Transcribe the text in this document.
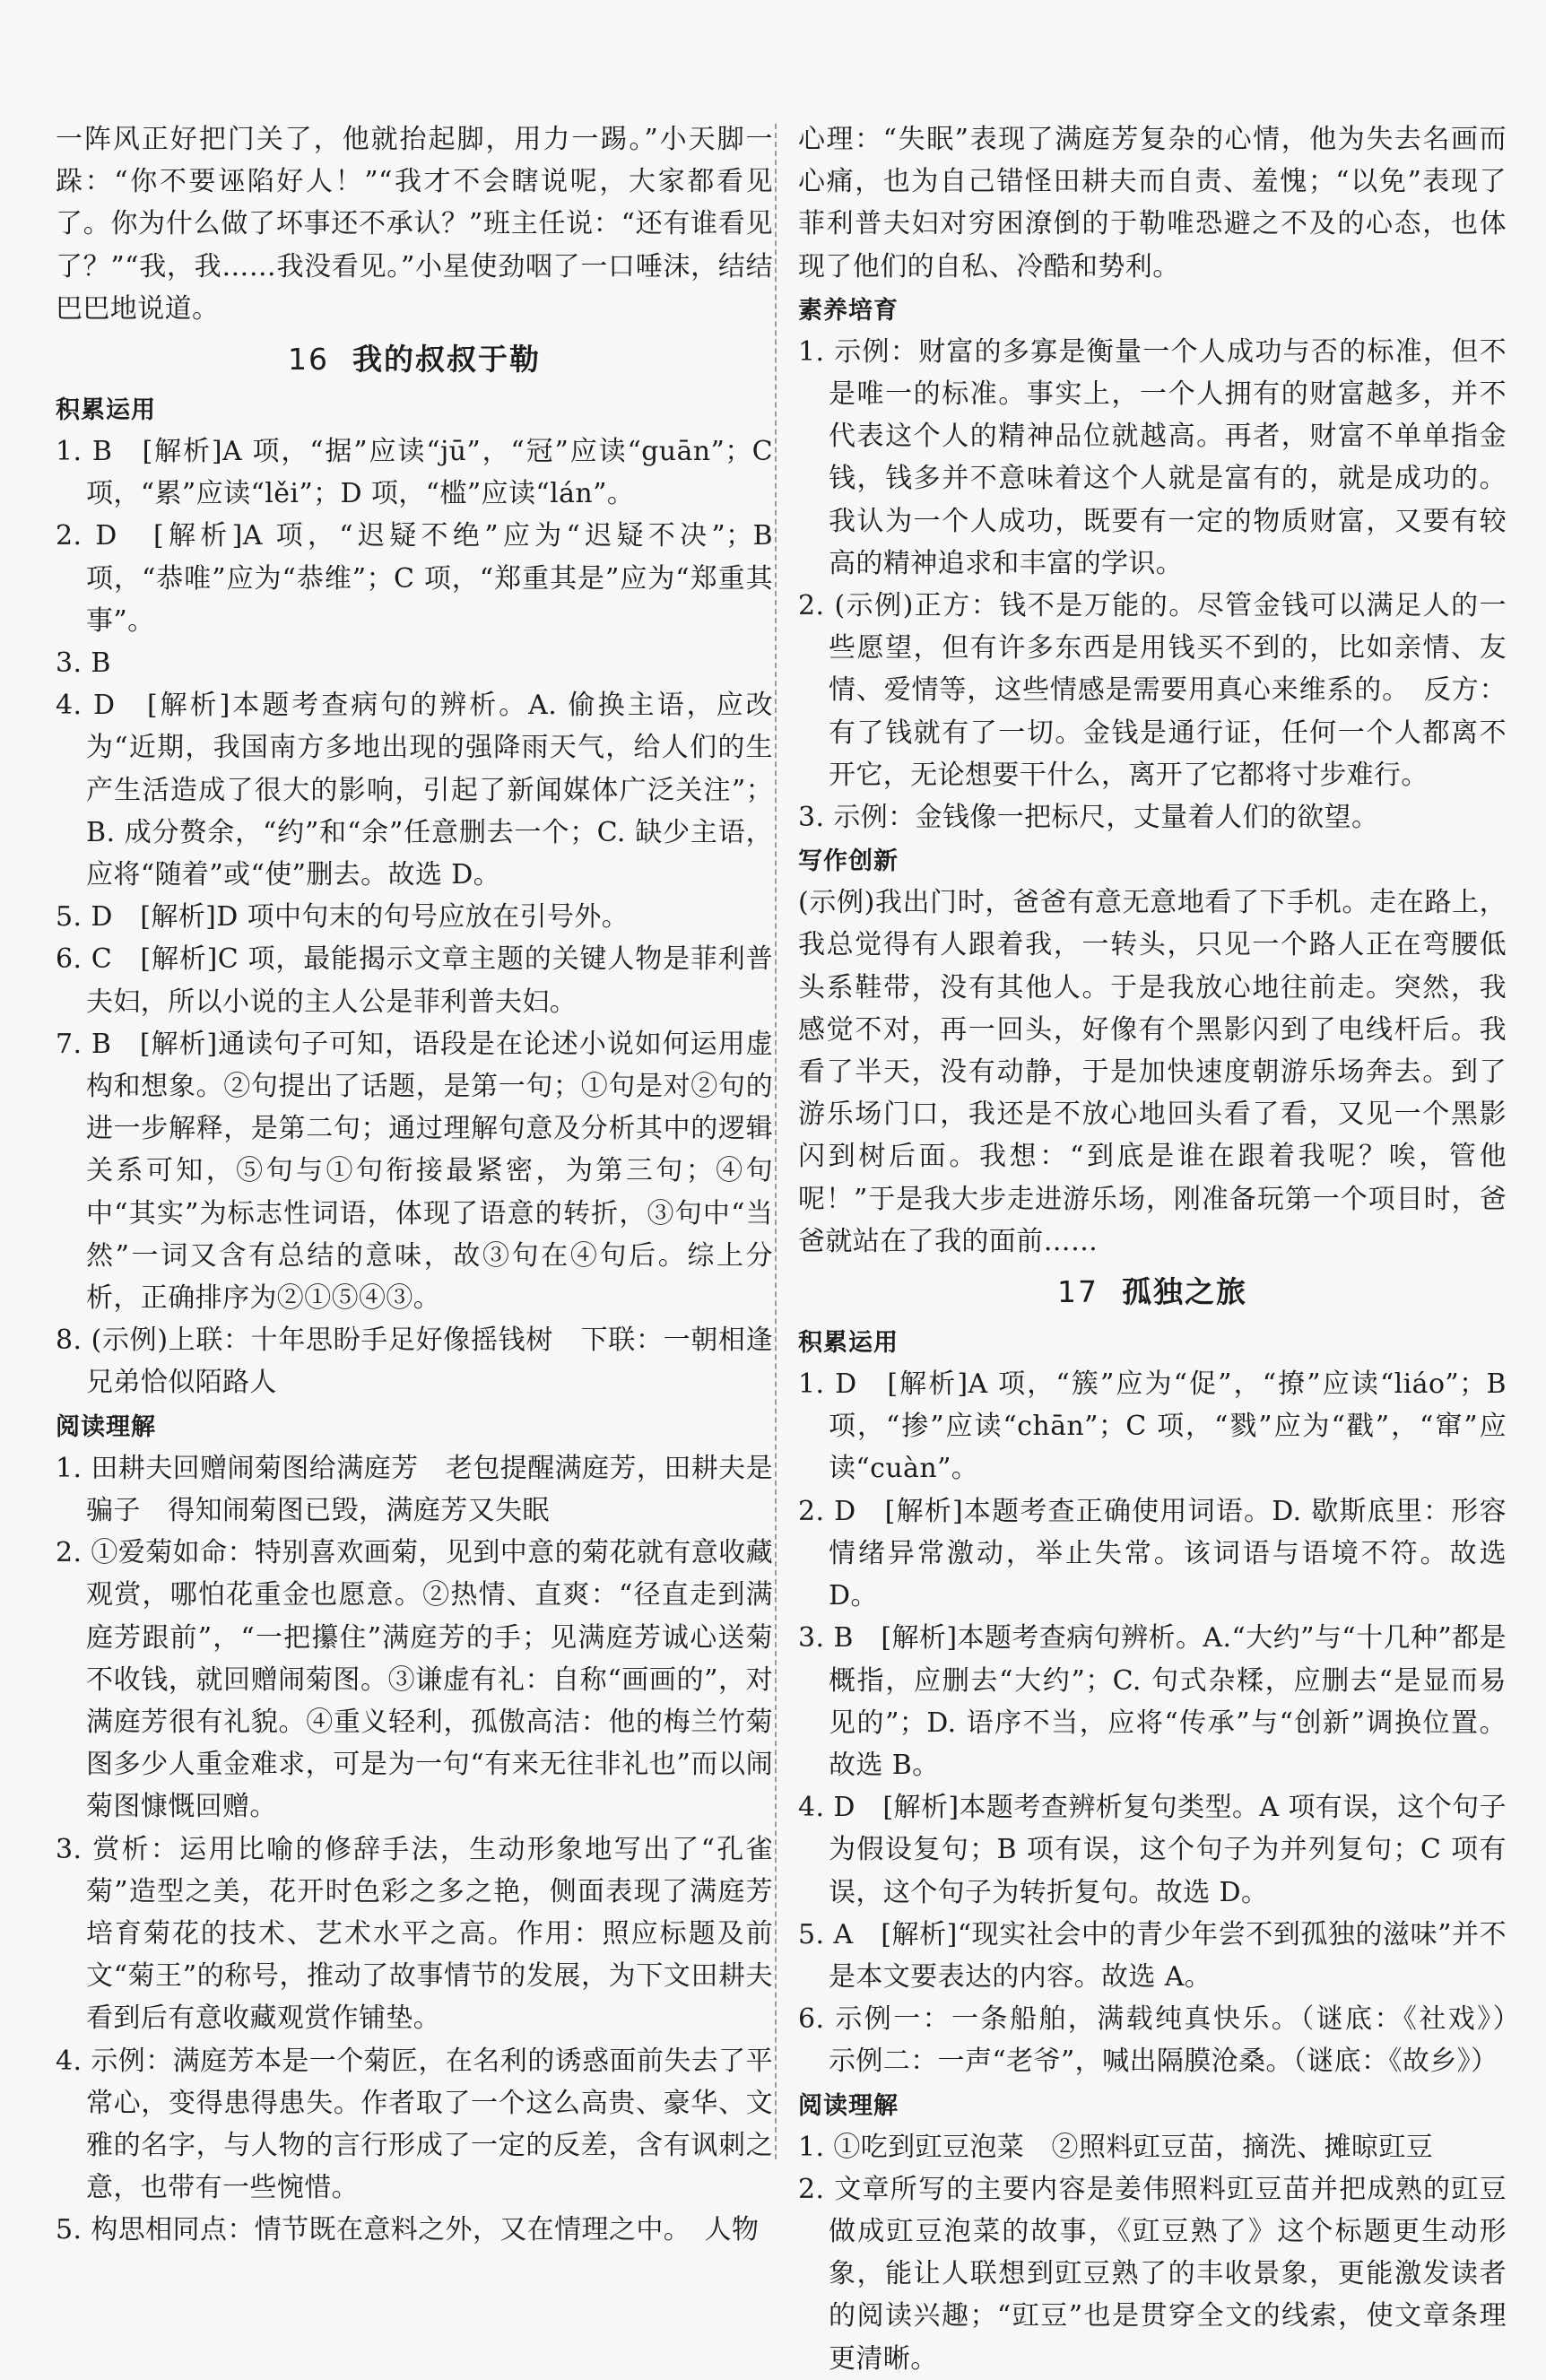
一阵风正好把门关了，他就抬起脚，用力一踢。”小天脚一跺：“你不要诬陷好人！”“我才不会瞎说呢，大家都看见了。你为什么做了坏事还不承认？”班主任说：“还有谁看见了？”“我，我……我没看见。”小星使劲咽了一口唾沫，结结巴巴地说道。

16 我的叔叔于勒
积累运用

1. B　[解析]A 项，“据”应读“jū”，“冠”应读“guān”；C 项，“累”应读“lěi”；D 项，“槛”应读“lán”。

2. D　[解析]A 项，“迟疑不绝”应为“迟疑不决”；B 项，“恭唯”应为“恭维”；C 项，“郑重其是”应为“郑重其事”。

3. B

4. D　[解析]本题考查病句的辨析。A. 偷换主语，应改为“近期，我国南方多地出现的强降雨天气，给人们的生产生活造成了很大的影响，引起了新闻媒体广泛关注”；B. 成分赘余，“约”和“余”任意删去一个；C. 缺少主语，应将“随着”或“使”删去。故选 D。

5. D　[解析]D 项中句末的句号应放在引号外。

6. C　[解析]C 项，最能揭示文章主题的关键人物是菲利普夫妇，所以小说的主人公是菲利普夫妇。

7. B　[解析]通读句子可知，语段是在论述小说如何运用虚构和想象。②句提出了话题，是第一句；①句是对②句的进一步解释，是第二句；通过理解句意及分析其中的逻辑关系可知，⑤句与①句衔接最紧密，为第三句；④句中“其实”为标志性词语，体现了语意的转折，③句中“当然”一词又含有总结的意味，故③句在④句后。综上分析，正确排序为②①⑤④③。

8. (示例)上联：十年思盼手足好像摇钱树　下联：一朝相逢兄弟恰似陌路人

阅读理解

1. 田耕夫回赠闹菊图给满庭芳　老包提醒满庭芳，田耕夫是骗子　得知闹菊图已毁，满庭芳又失眠

2. ①爱菊如命：特别喜欢画菊，见到中意的菊花就有意收藏观赏，哪怕花重金也愿意。②热情、直爽：“径直走到满庭芳跟前”，“一把攥住”满庭芳的手；见满庭芳诚心送菊不收钱，就回赠闹菊图。③谦虚有礼：自称“画画的”，对满庭芳很有礼貌。④重义轻利，孤傲高洁：他的梅兰竹菊图多少人重金难求，可是为一句“有来无往非礼也”而以闹菊图慷慨回赠。

3. 赏析：运用比喻的修辞手法，生动形象地写出了“孔雀菊”造型之美，花开时色彩之多之艳，侧面表现了满庭芳培育菊花的技术、艺术水平之高。作用：照应标题及前文“菊王”的称号，推动了故事情节的发展，为下文田耕夫看到后有意收藏观赏作铺垫。

4. 示例：满庭芳本是一个菊匠，在名利的诱惑面前失去了平常心，变得患得患失。作者取了一个这么高贵、豪华、文雅的名字，与人物的言行形成了一定的反差，含有讽刺之意，也带有一些惋惜。

5. 构思相同点：情节既在意料之外，又在情理之中。　人物

心理：“失眠”表现了满庭芳复杂的心情，他为失去名画而心痛，也为自己错怪田耕夫而自责、羞愧；“以免”表现了菲利普夫妇对穷困潦倒的于勒唯恐避之不及的心态，也体现了他们的自私、冷酷和势利。

素养培育

1. 示例：财富的多寡是衡量一个人成功与否的标准，但不是唯一的标准。事实上，一个人拥有的财富越多，并不代表这个人的精神品位就越高。再者，财富不单单指金钱，钱多并不意味着这个人就是富有的，就是成功的。我认为一个人成功，既要有一定的物质财富，又要有较高的精神追求和丰富的学识。

2. (示例)正方：钱不是万能的。尽管金钱可以满足人的一些愿望，但有许多东西是用钱买不到的，比如亲情、友情、爱情等，这些情感是需要用真心来维系的。　反方：有了钱就有了一切。金钱是通行证，任何一个人都离不开它，无论想要干什么，离开了它都将寸步难行。

3. 示例：金钱像一把标尺，丈量着人们的欲望。

写作创新

(示例)我出门时，爸爸有意无意地看了下手机。走在路上，我总觉得有人跟着我，一转头，只见一个路人正在弯腰低头系鞋带，没有其他人。于是我放心地往前走。突然，我感觉不对，再一回头，好像有个黑影闪到了电线杆后。我看了半天，没有动静，于是加快速度朝游乐场奔去。到了游乐场门口，我还是不放心地回头看了看，又见一个黑影闪到树后面。我想：“到底是谁在跟着我呢？唉，管他呢！”于是我大步走进游乐场，刚准备玩第一个项目时，爸爸就站在了我的面前……

17 孤独之旅
积累运用

1. D　[解析]A 项，“簇”应为“促”，“撩”应读“liáo”；B 项，“掺”应读“chān”；C 项，“戮”应为“戳”，“窜”应读“cuàn”。

2. D　[解析]本题考查正确使用词语。D. 歇斯底里：形容情绪异常激动，举止失常。该词语与语境不符。故选 D。

3. B　[解析]本题考查病句辨析。A.“大约”与“十几种”都是概指，应删去“大约”；C. 句式杂糅，应删去“是显而易见的”；D. 语序不当，应将“传承”与“创新”调换位置。故选 B。

4. D　[解析]本题考查辨析复句类型。A 项有误，这个句子为假设复句；B 项有误，这个句子为并列复句；C 项有误，这个句子为转折复句。故选 D。

5. A　[解析]“现实社会中的青少年尝不到孤独的滋味”并不是本文要表达的内容。故选 A。

6. 示例一：一条船舶，满载纯真快乐。（谜底：《社戏》）　示例二：一声“老爷”，喊出隔膜沧桑。（谜底：《故乡》）

阅读理解

1. ①吃到豇豆泡菜　②照料豇豆苗，摘洗、摊晾豇豆

2. 文章所写的主要内容是姜伟照料豇豆苗并把成熟的豇豆做成豇豆泡菜的故事，《豇豆熟了》这个标题更生动形象，能让人联想到豇豆熟了的丰收景象，更能激发读者的阅读兴趣；“豇豆”也是贯穿全文的线索，使文章条理更清晰。
